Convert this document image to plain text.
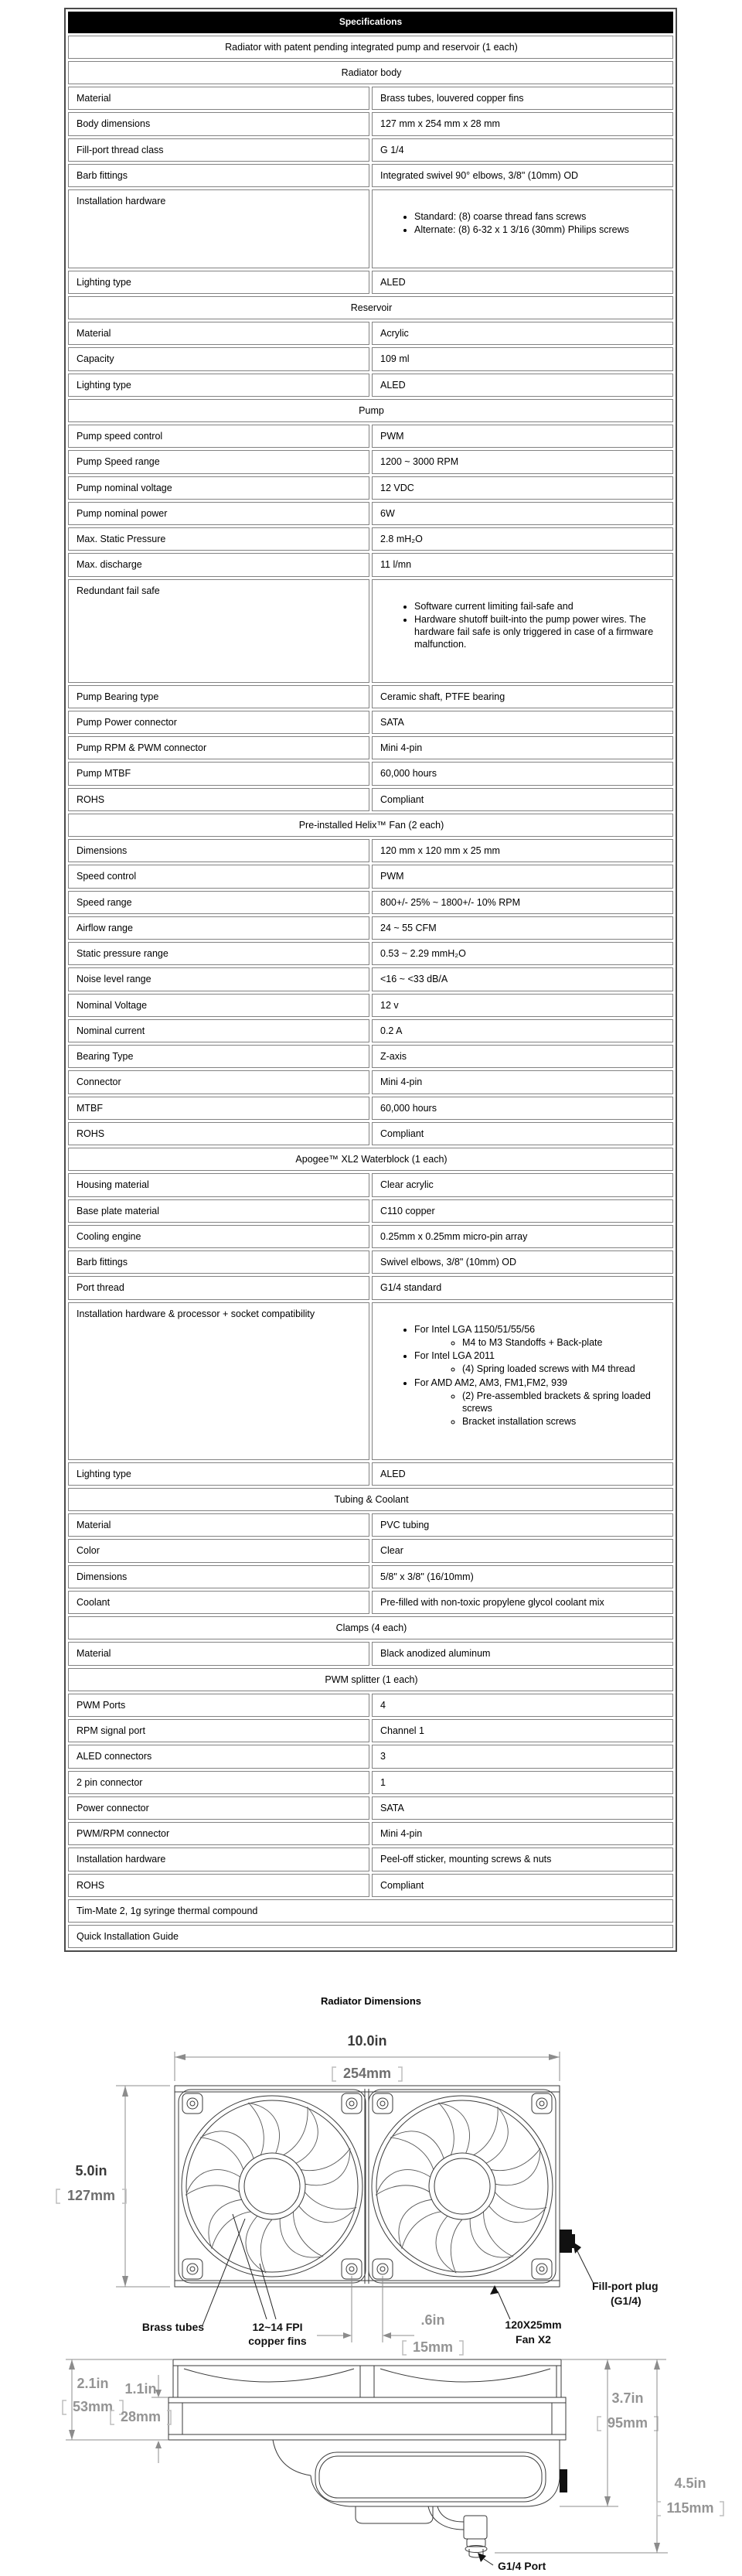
Specifications	
Radiator with patent pending integrated pump and reservoir (1 each)	
Radiator body	
Material	Brass tubes, louvered copper fins
Body dimensions	127 mm x 254 mm x 28 mm
Fill-port thread class	G 1/4
Barb fittings	Integrated swivel 90° elbows, 3/8" (10mm) OD
Installation hardware	
• Standard: (8) coarse thread fans screws
• Alternate: (8) 6-32 x 1 3/16 (30mm) Philips screws

Lighting type	ALED
Reservoir	
Material	Acrylic
Capacity	109 ml
Lighting type	ALED
Pump	
Pump speed control	PWM
Pump Speed range	1200 ~ 3000 RPM
Pump nominal voltage	12 VDC
Pump nominal power	6W
Max. Static Pressure	2.8 mH₂O
Max. discharge	11 l/mn
Redundant fail safe	
• Software current limiting fail-safe and
• Hardware shutoff built-into the pump power wires. The hardware fail safe is only triggered in case of a firmware malfunction.

Pump Bearing type	Ceramic shaft, PTFE bearing
Pump Power connector	SATA
Pump RPM & PWM connector	Mini 4-pin
Pump MTBF	60,000 hours
ROHS	Compliant
Pre-installed Helix™ Fan (2 each)	
Dimensions	120 mm x 120 mm x 25 mm
Speed control	PWM
Speed range	800+/- 25% ~ 1800+/- 10% RPM
Airflow range	24 ~ 55 CFM
Static pressure range	0.53 ~ 2.29 mmH₂O
Noise level range	<16 ~ <33 dB/A
Nominal Voltage	12 v
Nominal current	0.2 A
Bearing Type	Z-axis
Connector	Mini 4-pin
MTBF	60,000 hours
ROHS	Compliant
Apogee™ XL2 Waterblock (1 each)	
Housing material	Clear acrylic
Base plate material	C110 copper
Cooling engine	0.25mm x 0.25mm micro-pin array
Barb fittings	Swivel elbows, 3/8" (10mm) OD
Port thread	G1/4 standard
Installation hardware & processor + socket compatibility	
• For Intel LGA 1150/51/55/56
◦ M4 to M3 Standoffs + Back-plate
• For Intel LGA 2011
◦ (4) Spring loaded screws with M4 thread
• For AMD AM2, AM3, FM1,FM2, 939
◦ (2) Pre-assembled brackets & spring loaded screws
◦ Bracket installation screws

Lighting type	ALED
Tubing & Coolant	
Material	PVC tubing
Color	Clear
Dimensions	5/8" x 3/8" (16/10mm)
Coolant	Pre-filled with non-toxic propylene glycol coolant mix
Clamps (4 each)	
Material	Black anodized aluminum
PWM splitter (1 each)	
PWM Ports	4
RPM signal port	Channel 1
ALED connectors	3
2 pin connector	1
Power connector	SATA
PWM/RPM connector	Mini 4-pin
Installation hardware	Peel-off sticker, mounting screws & nuts
ROHS	Compliant
Tim-Mate 2, 1g syringe thermal compound	
Quick Installation Guide	
Radiator Dimensions
10.0in
254mm
5.0in
127mm
.6in
15mm
Brass tubes	12~14 FPI
copper fins
120X25mm
Fan X2
Fill-port plug
(G1/4)
2.1in
53mm
1.1in
28mm
3.7in
95mm
4.5in
115mm
G1/4 Port
